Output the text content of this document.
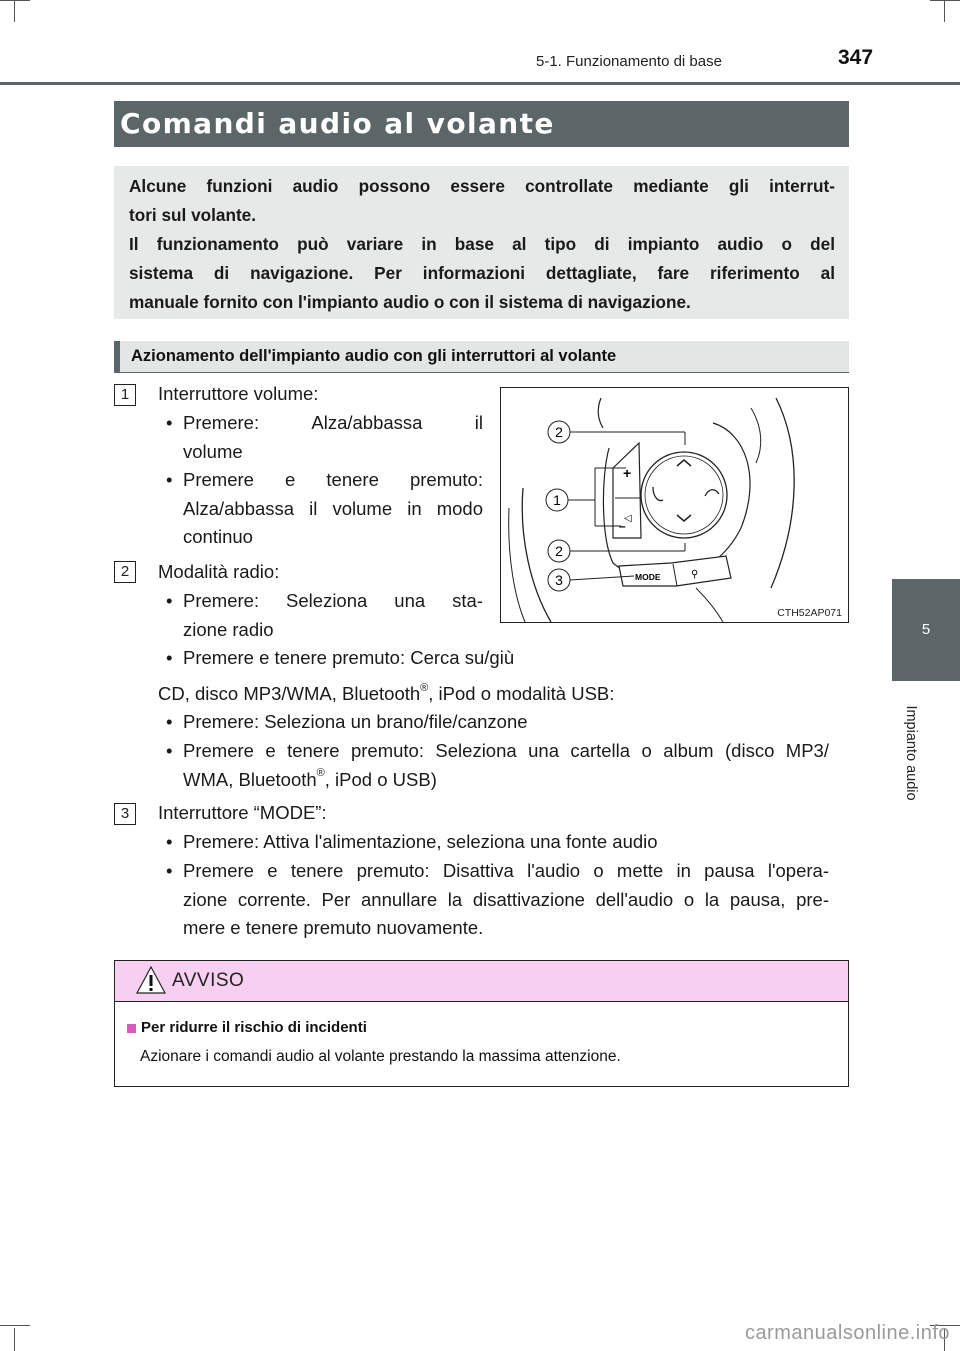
5-1. Funzionamento di base	347
Comandi audio al volante

Alcune funzioni audio possono essere controllate mediante gli interrut-

tori sul volante.

Il funzionamento può variare in base al tipo di impianto audio o del

sistema di navigazione. Per informazioni dettagliate, fare riferimento al

manuale fornito con l'impianto audio o con il sistema di navigazione.

Azionamento dell'impianto audio con gli interruttori al volante
1	Interruttore volume:
• Premere:	Alza/abbassa	il
volume
• Premere e tenere premuto:
Alza/abbassa il volume in modo
continuo
2	Modalità radio:
• Premere: Seleziona una sta-
zione radio
• Premere e tenere premuto: Cerca su/giù
CD, disco MP3/WMA, Bluetooth®, iPod o modalità USB:
• Premere: Seleziona un brano/file/canzone
• Premere e tenere premuto: Seleziona una cartella o album (disco MP3/
WMA, Bluetooth®, iPod o USB)
3	Interruttore “MODE”:
• Premere: Attiva l'alimentazione, seleziona una fonte audio
• Premere e tenere premuto: Disattiva l'audio o mette in pausa l'opera-
zione corrente. Per annullare la disattivazione dell'audio o la pausa, pre-
mere e tenere premuto nuovamente.
+
–
◁
MODE	⚲
2
1
2
3
CTH52AP071
AVVISO
Per ridurre il rischio di incidenti
Azionare i comandi audio al volante prestando la massima attenzione.
5
Impianto audio
carmanualsonline.info
